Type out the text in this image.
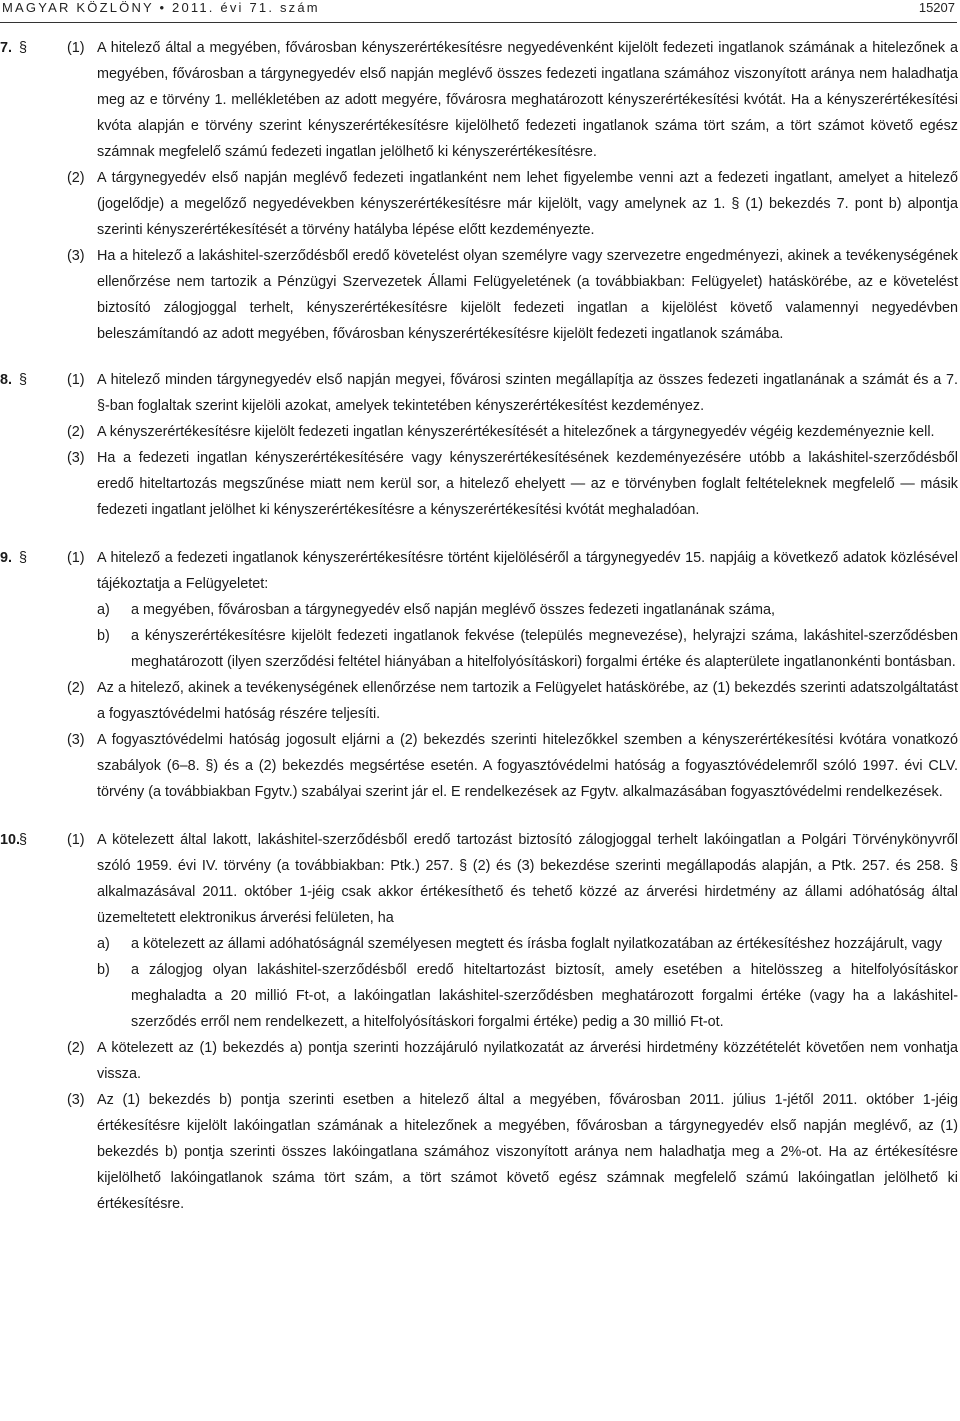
MAGYAR KÖZLÖNY • 2011. évi 71. szám	15207
7. §	(1) A hitelező által a megyében, fővárosban kényszerértékesítésre negyedévenként kijelölt fedezeti ingatlanok számának a hitelezőnek a megyében, fővárosban a tárgynegyedév első napján meglévő összes fedezeti ingatlana számához viszonyított aránya nem haladhatja meg az e törvény 1. mellékletében az adott megyére, fővárosra meghatározott kényszerértékesítési kvótát. Ha a kényszerértékesítési kvóta alapján e törvény szerint kényszerértékesítésre kijelölhető fedezeti ingatlanok száma tört szám, a tört számot követő egész számnak megfelelő számú fedezeti ingatlan jelölhető ki kényszerértékesítésre.
(2) A tárgynegyedév első napján meglévő fedezeti ingatlanként nem lehet figyelembe venni azt a fedezeti ingatlant, amelyet a hitelező (jogelődje) a megelőző negyedévekben kényszerértékesítésre már kijelölt, vagy amelynek az 1. § (1) bekezdés 7. pont b) alpontja szerinti kényszerértékesítését a törvény hatályba lépése előtt kezdeményezte.
(3) Ha a hitelező a lakáshitel-szerződésből eredő követelést olyan személyre vagy szervezetre engedményezi, akinek a tevékenységének ellenőrzése nem tartozik a Pénzügyi Szervezetek Állami Felügyeletének (a továbbiakban: Felügyelet) hatáskörébe, az e követelést biztosító zálogjoggal terhelt, kényszerértékesítésre kijelölt fedezeti ingatlan a kijelölést követő valamennyi negyedévben beleszámítandó az adott megyében, fővárosban kényszerértékesítésre kijelölt fedezeti ingatlanok számába.
8. §	(1) A hitelező minden tárgynegyedév első napján megyei, fővárosi szinten megállapítja az összes fedezeti ingatlanának a számát és a 7. §-ban foglaltak szerint kijelöli azokat, amelyek tekintetében kényszerértékesítést kezdeményez.
(2) A kényszerértékesítésre kijelölt fedezeti ingatlan kényszerértékesítését a hitelezőnek a tárgynegyedév végéig kezdeményeznie kell.
(3) Ha a fedezeti ingatlan kényszerértékesítésére vagy kényszerértékesítésének kezdeményezésére utóbb a lakáshitel-szerződésből eredő hiteltartozás megszűnése miatt nem kerül sor, a hitelező ehelyett — az e törvényben foglalt feltételeknek megfelelő — másik fedezeti ingatlant jelölhet ki kényszerértékesítésre a kényszerértékesítési kvótát meghaladóan.
9. §	(1) A hitelező a fedezeti ingatlanok kényszerértékesítésre történt kijelöléséről a tárgynegyedév 15. napjáig a következő adatok közlésével tájékoztatja a Felügyeletet:
a) a megyében, fővárosban a tárgynegyedév első napján meglévő összes fedezeti ingatlanának száma,
b) a kényszerértékesítésre kijelölt fedezeti ingatlanok fekvése (település megnevezése), helyrajzi száma, lakáshitel-szerződésben meghatározott (ilyen szerződési feltétel hiányában a hitelfolyósításkori) forgalmi értéke és alapterülete ingatlanonkénti bontásban.
(2) Az a hitelező, akinek a tevékenységének ellenőrzése nem tartozik a Felügyelet hatáskörébe, az (1) bekezdés szerinti adatszolgáltatást a fogyasztóvédelmi hatóság részére teljesíti.
(3) A fogyasztóvédelmi hatóság jogosult eljárni a (2) bekezdés szerinti hitelezőkkel szemben a kényszerértékesítési kvótára vonatkozó szabályok (6–8. §) és a (2) bekezdés megsértése esetén. A fogyasztóvédelmi hatóság a fogyasztóvédelemről szóló 1997. évi CLV. törvény (a továbbiakban Fgytv.) szabályai szerint jár el. E rendelkezések az Fgytv. alkalmazásában fogyasztóvédelmi rendelkezések.
10.
§	(1) A kötelezett által lakott, lakáshitel-szerződésből eredő tartozást biztosító zálogjoggal terhelt lakóingatlan a Polgári Törvénykönyvről szóló 1959. évi IV. törvény (a továbbiakban: Ptk.) 257. § (2) és (3) bekezdése szerinti megállapodás alapján, a Ptk. 257. és 258. § alkalmazásával 2011. október 1-jéig csak akkor értékesíthető és tehető közzé az árverési hirdetmény az állami adóhatóság által üzemeltetett elektronikus árverési felületen, ha
a) a kötelezett az állami adóhatóságnál személyesen megtett és írásba foglalt nyilatkozatában az értékesítéshez hozzájárult, vagy
b) a zálogjog olyan lakáshitel-szerződésből eredő hiteltartozást biztosít, amely esetében a hitelösszeg a hitelfolyósításkor meghaladta a 20 millió Ft-ot, a lakóingatlan lakáshitel-szerződésben meghatározott forgalmi értéke (vagy ha a lakáshitel-szerződés erről nem rendelkezett, a hitelfolyósításkori forgalmi értéke) pedig a 30 millió Ft-ot.
(2) A kötelezett az (1) bekezdés a) pontja szerinti hozzájáruló nyilatkozatát az árverési hirdetmény közzétételét követően nem vonhatja vissza.
(3) Az (1) bekezdés b) pontja szerinti esetben a hitelező által a megyében, fővárosban 2011. július 1-jétől 2011. október 1-jéig értékesítésre kijelölt lakóingatlan számának a hitelezőnek a megyében, fővárosban a tárgynegyedév első napján meglévő, az (1) bekezdés b) pontja szerinti összes lakóingatlana számához viszonyított aránya nem haladhatja meg a 2%-ot. Ha az értékesítésre kijelölhető lakóingatlanok száma tört szám, a tört számot követő egész számnak megfelelő számú lakóingatlan jelölhető ki értékesítésre.
